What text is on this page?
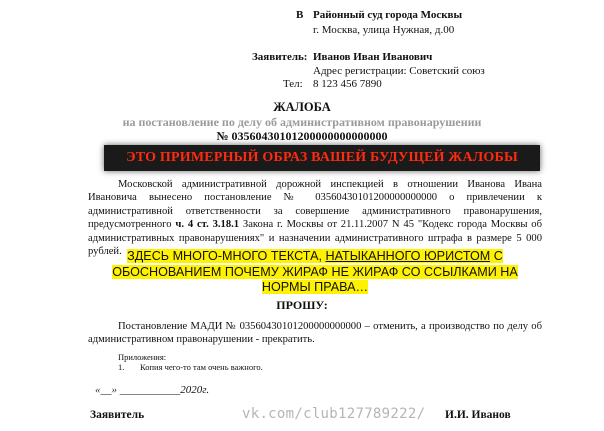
В Районный суд города Москвы
г. Москва, улица Нужная, д.00
Заявитель: Иванов Иван Иванович
Адрес регистрации: Советский союз
Тел: 8 123 456 7890
ЖАЛОБА
на постановление по делу об административном правонарушении
№ 03560430101200000000000000
ЭТО ПРИМЕРНЫЙ ОБРАЗ ВАШЕЙ БУДУЩЕЙ ЖАЛОБЫ
Московской административной дорожной инспекцией в отношении Иванова Ивана Ивановича вынесено постановление № 03560430101200000000000 о привлечении к административной ответственности за совершение административного правонарушения, предусмотренного ч. 4 ст. 3.18.1 Закона г. Москвы от 21.11.2007 N 45 "Кодекс города Москвы об административных правонарушениях" и назначении административного штрафа в размере 5 000 рублей. ЗДЕСЬ МНОГО-МНОГО ТЕКСТА, НАТЫКАННОГО ЮРИСТОМ С ОБОСНОВАНИЕМ ПОЧЕМУ ЖИРАФ НЕ ЖИРАФ СО ССЫЛКАМИ НА НОРМЫ ПРАВА…
ПРОШУ:
Постановление МАДИ № 03560430101200000000000 – отменить, а производство по делу об административном правонарушении - прекратить.
Приложения:
1. Копия чего-то там очень важного.
«__» ___________2020г.
Заявитель	vk.com/club127789222/ И.И. Иванов
